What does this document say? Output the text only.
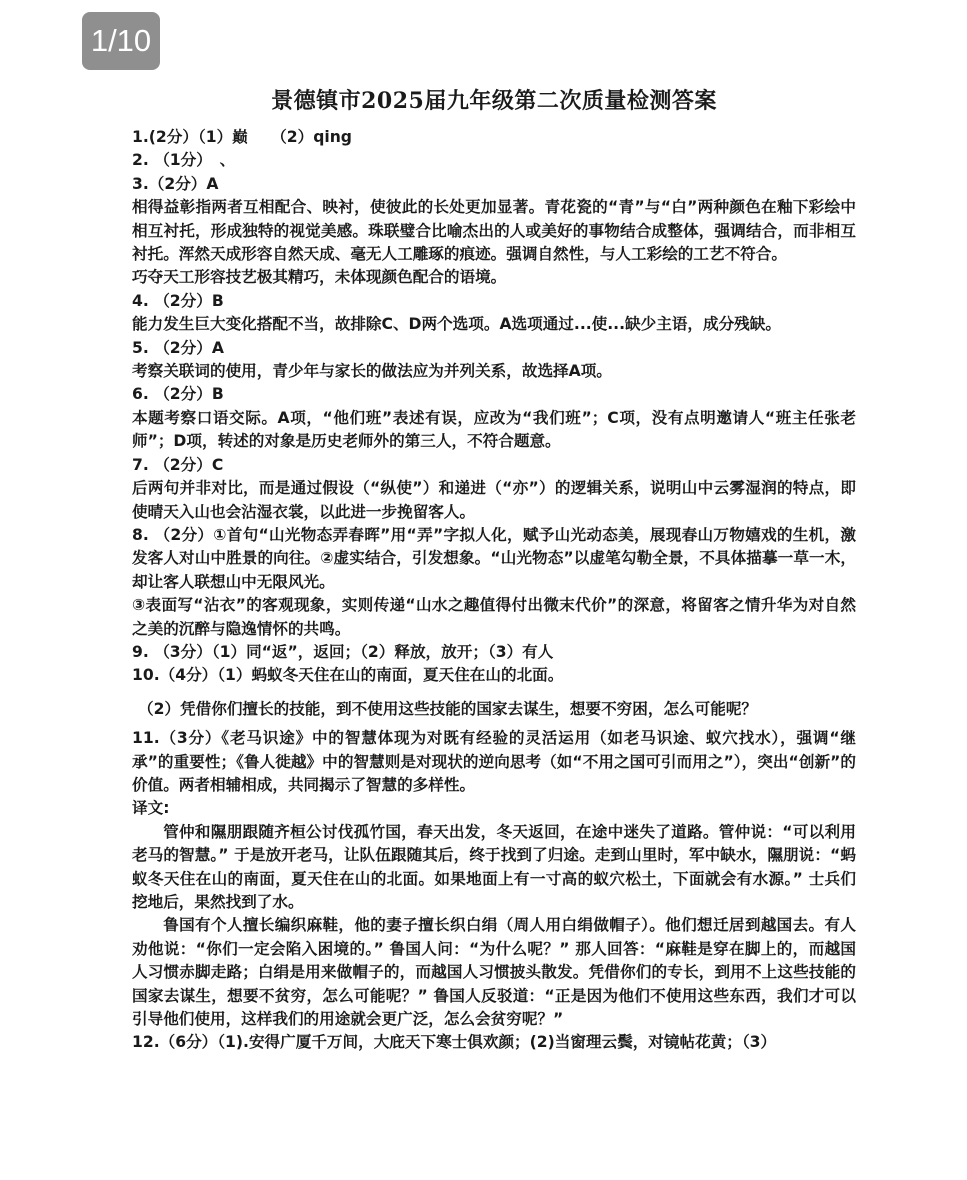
1/10
景德镇市2025届九年级第二次质量检测答案

1.(2分）（1）巅　　（2）qing

2. （1分）　、

3.（2分）A

相得益彰指两者互相配合、映衬，使彼此的长处更加显著。青花瓷的“青”与“白”两种颜色在釉下彩绘中相互衬托，形成独特的视觉美感。珠联璧合比喻杰出的人或美好的事物结合成整体，强调结合，而非相互衬托。浑然天成形容自然天成、毫无人工雕琢的痕迹。强调自然性，与人工彩绘的工艺不符合。

巧夺天工形容技艺极其精巧，未体现颜色配合的语境。

4. （2分）B

能力发生巨大变化搭配不当，故排除C、D两个选项。A选项通过...使...缺少主语，成分残缺。

5. （2分）A

考察关联词的使用，青少年与家长的做法应为并列关系，故选择A项。

6. （2分）B

本题考察口语交际。A项，“他们班”表述有误，应改为“我们班”；C项，没有点明邀请人“班主任张老师”；D项，转述的对象是历史老师外的第三人，不符合题意。

7. （2分）C

后两句并非对比，而是通过假设（“纵使”）和递进（“亦”）的逻辑关系，说明山中云雾湿润的特点，即使晴天入山也会沾湿衣裳，以此进一步挽留客人。

8. （2分）①首句“山光物态弄春晖”用“弄”字拟人化，赋予山光动态美，展现春山万物嬉戏的生机，激发客人对山中胜景的向往。②虚实结合，引发想象。“山光物态”以虚笔勾勒全景，不具体描摹一草一木，却让客人联想山中无限风光。

③表面写“沾衣”的客观现象，实则传递“山水之趣值得付出微末代价”的深意，将留客之情升华为对自然之美的沉醉与隐逸情怀的共鸣。

9. （3分）（1）同“返”，返回；（2）释放，放开；（3）有人

10.（4分）（1）蚂蚁冬天住在山的南面，夏天住在山的北面。

（2）凭借你们擅长的技能，到不使用这些技能的国家去谋生，想要不穷困，怎么可能呢？

11.（3分）《老马识途》中的智慧体现为对既有经验的灵活运用（如老马识途、蚁穴找水），强调“继承”的重要性；《鲁人徙越》中的智慧则是对现状的逆向思考（如“不用之国可引而用之”），突出“创新”的价值。两者相辅相成，共同揭示了智慧的多样性。

译文:

管仲和隰朋跟随齐桓公讨伐孤竹国，春天出发，冬天返回，在途中迷失了道路。管仲说：“可以利用老马的智慧。” 于是放开老马，让队伍跟随其后，终于找到了归途。走到山里时，军中缺水，隰朋说：“蚂蚁冬天住在山的南面，夏天住在山的北面。如果地面上有一寸高的蚁穴松土，下面就会有水源。” 士兵们挖地后，果然找到了水。

鲁国有个人擅长编织麻鞋，他的妻子擅长织白绢（周人用白绢做帽子）。他们想迁居到越国去。有人劝他说：“你们一定会陷入困境的。” 鲁国人问：“为什么呢？” 那人回答：“麻鞋是穿在脚上的，而越国人习惯赤脚走路；白绢是用来做帽子的，而越国人习惯披头散发。凭借你们的专长，到用不上这些技能的国家去谋生，想要不贫穷，怎么可能呢？” 鲁国人反驳道：“正是因为他们不使用这些东西，我们才可以引导他们使用，这样我们的用途就会更广泛，怎么会贫穷呢？”

12.（6分）（1).安得广厦千万间，大庇天下寒士俱欢颜；(2)当窗理云鬓，对镜帖花黄；（3）
